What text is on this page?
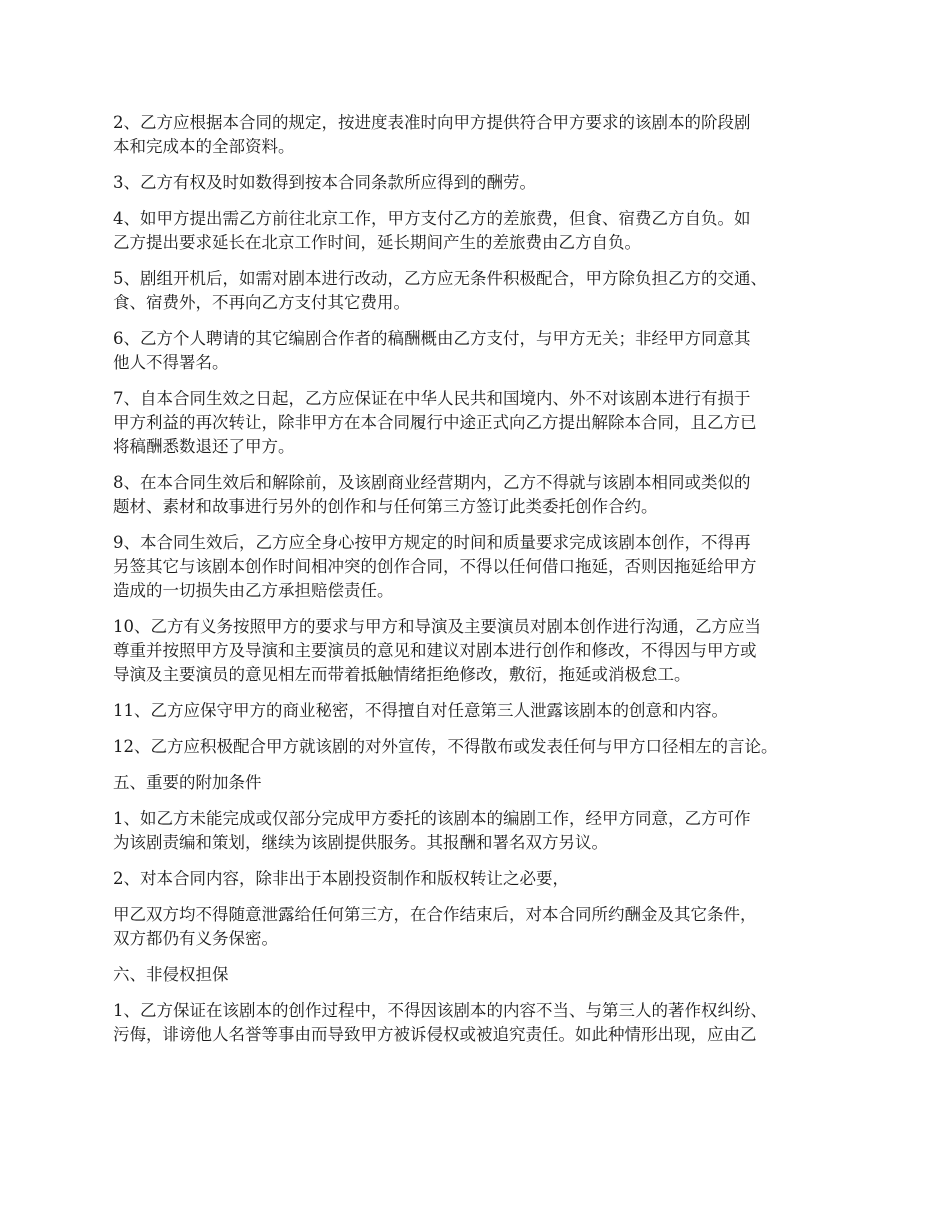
2、乙方应根据本合同的规定，按进度表准时向甲方提供符合甲方要求的该剧本的阶段剧
本和完成本的全部资料。
3、乙方有权及时如数得到按本合同条款所应得到的酬劳。
4、如甲方提出需乙方前往北京工作，甲方支付乙方的差旅费，但食、宿费乙方自负。如
乙方提出要求延长在北京工作时间，延长期间产生的差旅费由乙方自负。
5、剧组开机后，如需对剧本进行改动，乙方应无条件积极配合，甲方除负担乙方的交通、
食、宿费外，不再向乙方支付其它费用。
6、乙方个人聘请的其它编剧合作者的稿酬概由乙方支付，与甲方无关；非经甲方同意其
他人不得署名。
7、自本合同生效之日起，乙方应保证在中华人民共和国境内、外不对该剧本进行有损于
甲方利益的再次转让，除非甲方在本合同履行中途正式向乙方提出解除本合同，且乙方已
将稿酬悉数退还了甲方。
8、在本合同生效后和解除前，及该剧商业经营期内，乙方不得就与该剧本相同或类似的
题材、素材和故事进行另外的创作和与任何第三方签订此类委托创作合约。
9、本合同生效后，乙方应全身心按甲方规定的时间和质量要求完成该剧本创作，不得再
另签其它与该剧本创作时间相冲突的创作合同，不得以任何借口拖延，否则因拖延给甲方
造成的一切损失由乙方承担赔偿责任。
10、乙方有义务按照甲方的要求与甲方和导演及主要演员对剧本创作进行沟通，乙方应当
尊重并按照甲方及导演和主要演员的意见和建议对剧本进行创作和修改，不得因与甲方或
导演及主要演员的意见相左而带着抵触情绪拒绝修改，敷衍，拖延或消极怠工。
11、乙方应保守甲方的商业秘密，不得擅自对任意第三人泄露该剧本的创意和内容。
12、乙方应积极配合甲方就该剧的对外宣传，不得散布或发表任何与甲方口径相左的言论。
五、重要的附加条件
1、如乙方未能完成或仅部分完成甲方委托的该剧本的编剧工作，经甲方同意，乙方可作
为该剧责编和策划，继续为该剧提供服务。其报酬和署名双方另议。
2、对本合同内容，除非出于本剧投资制作和版权转让之必要，
甲乙双方均不得随意泄露给任何第三方，在合作结束后，对本合同所约酬金及其它条件，
双方都仍有义务保密。
六、非侵权担保
1、乙方保证在该剧本的创作过程中，不得因该剧本的内容不当、与第三人的著作权纠纷、
污侮，诽谤他人名誉等事由而导致甲方被诉侵权或被追究责任。如此种情形出现，应由乙
